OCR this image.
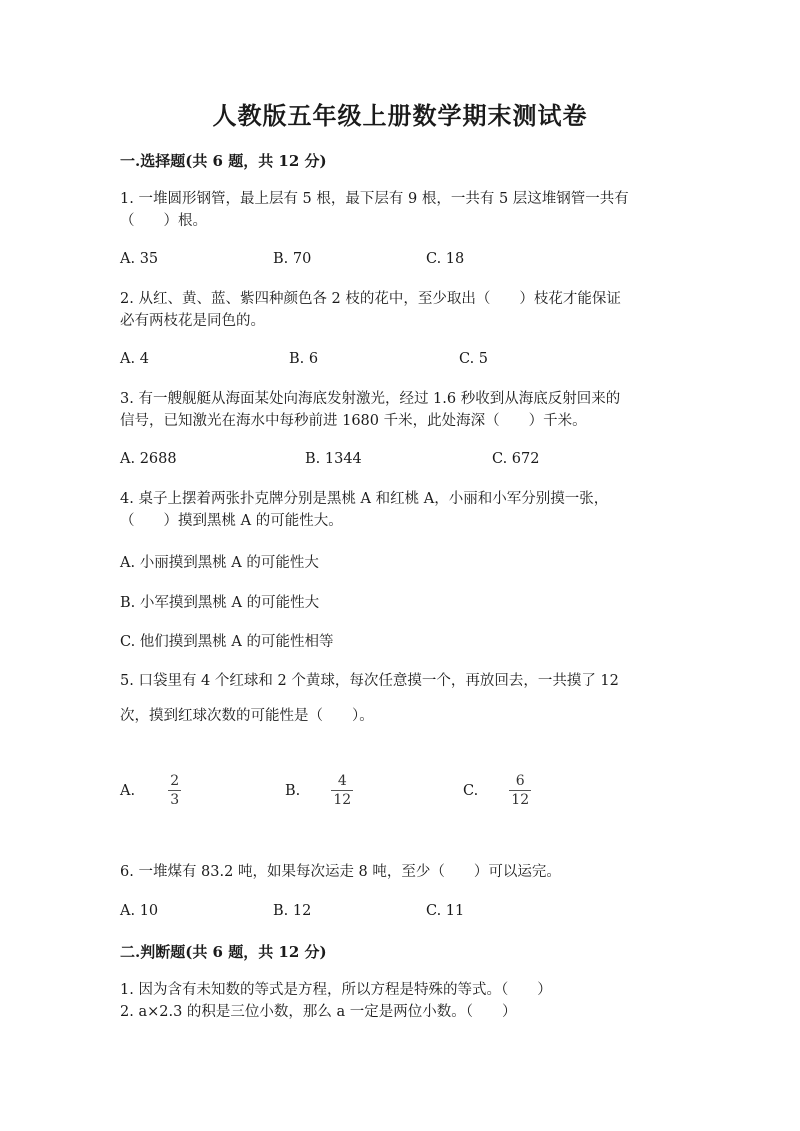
人教版五年级上册数学期末测试卷
一.选择题(共 6 题，共 12 分)
1. 一堆圆形钢管，最上层有 5 根，最下层有 9 根，一共有 5 层这堆钢管一共有
（　　）根。
A. 35	B. 70	C. 18
2. 从红、黄、蓝、紫四种颜色各 2 枝的花中，至少取出（　　）枝花才能保证
必有两枝花是同色的。
A. 4	B. 6	C. 5
3. 有一艘舰艇从海面某处向海底发射激光，经过 1.6 秒收到从海底反射回来的
信号，已知激光在海水中每秒前进 1680 千米，此处海深（　　）千米。
A. 2688	B. 1344	C. 672
4. 桌子上摆着两张扑克牌分别是黑桃 A 和红桃 A，小丽和小军分别摸一张，
（　　）摸到黑桃 A 的可能性大。
A. 小丽摸到黑桃 A 的可能性大
B. 小军摸到黑桃 A 的可能性大
C. 他们摸到黑桃 A 的可能性相等
5. 口袋里有 4 个红球和 2 个黄球，每次任意摸一个，再放回去，一共摸了 12
次，摸到红球次数的可能性是（　　）。
A. $\frac{2}{3}$	B. $\frac{4}{12}$	C. $\frac{6}{12}$
6. 一堆煤有 83.2 吨，如果每次运走 8 吨，至少（　　）可以运完。
A. 10	B. 12	C. 11
二.判断题(共 6 题，共 12 分)
1. 因为含有未知数的等式是方程，所以方程是特殊的等式。（　　）
2. a×2.3 的积是三位小数，那么 a 一定是两位小数。（　　）
